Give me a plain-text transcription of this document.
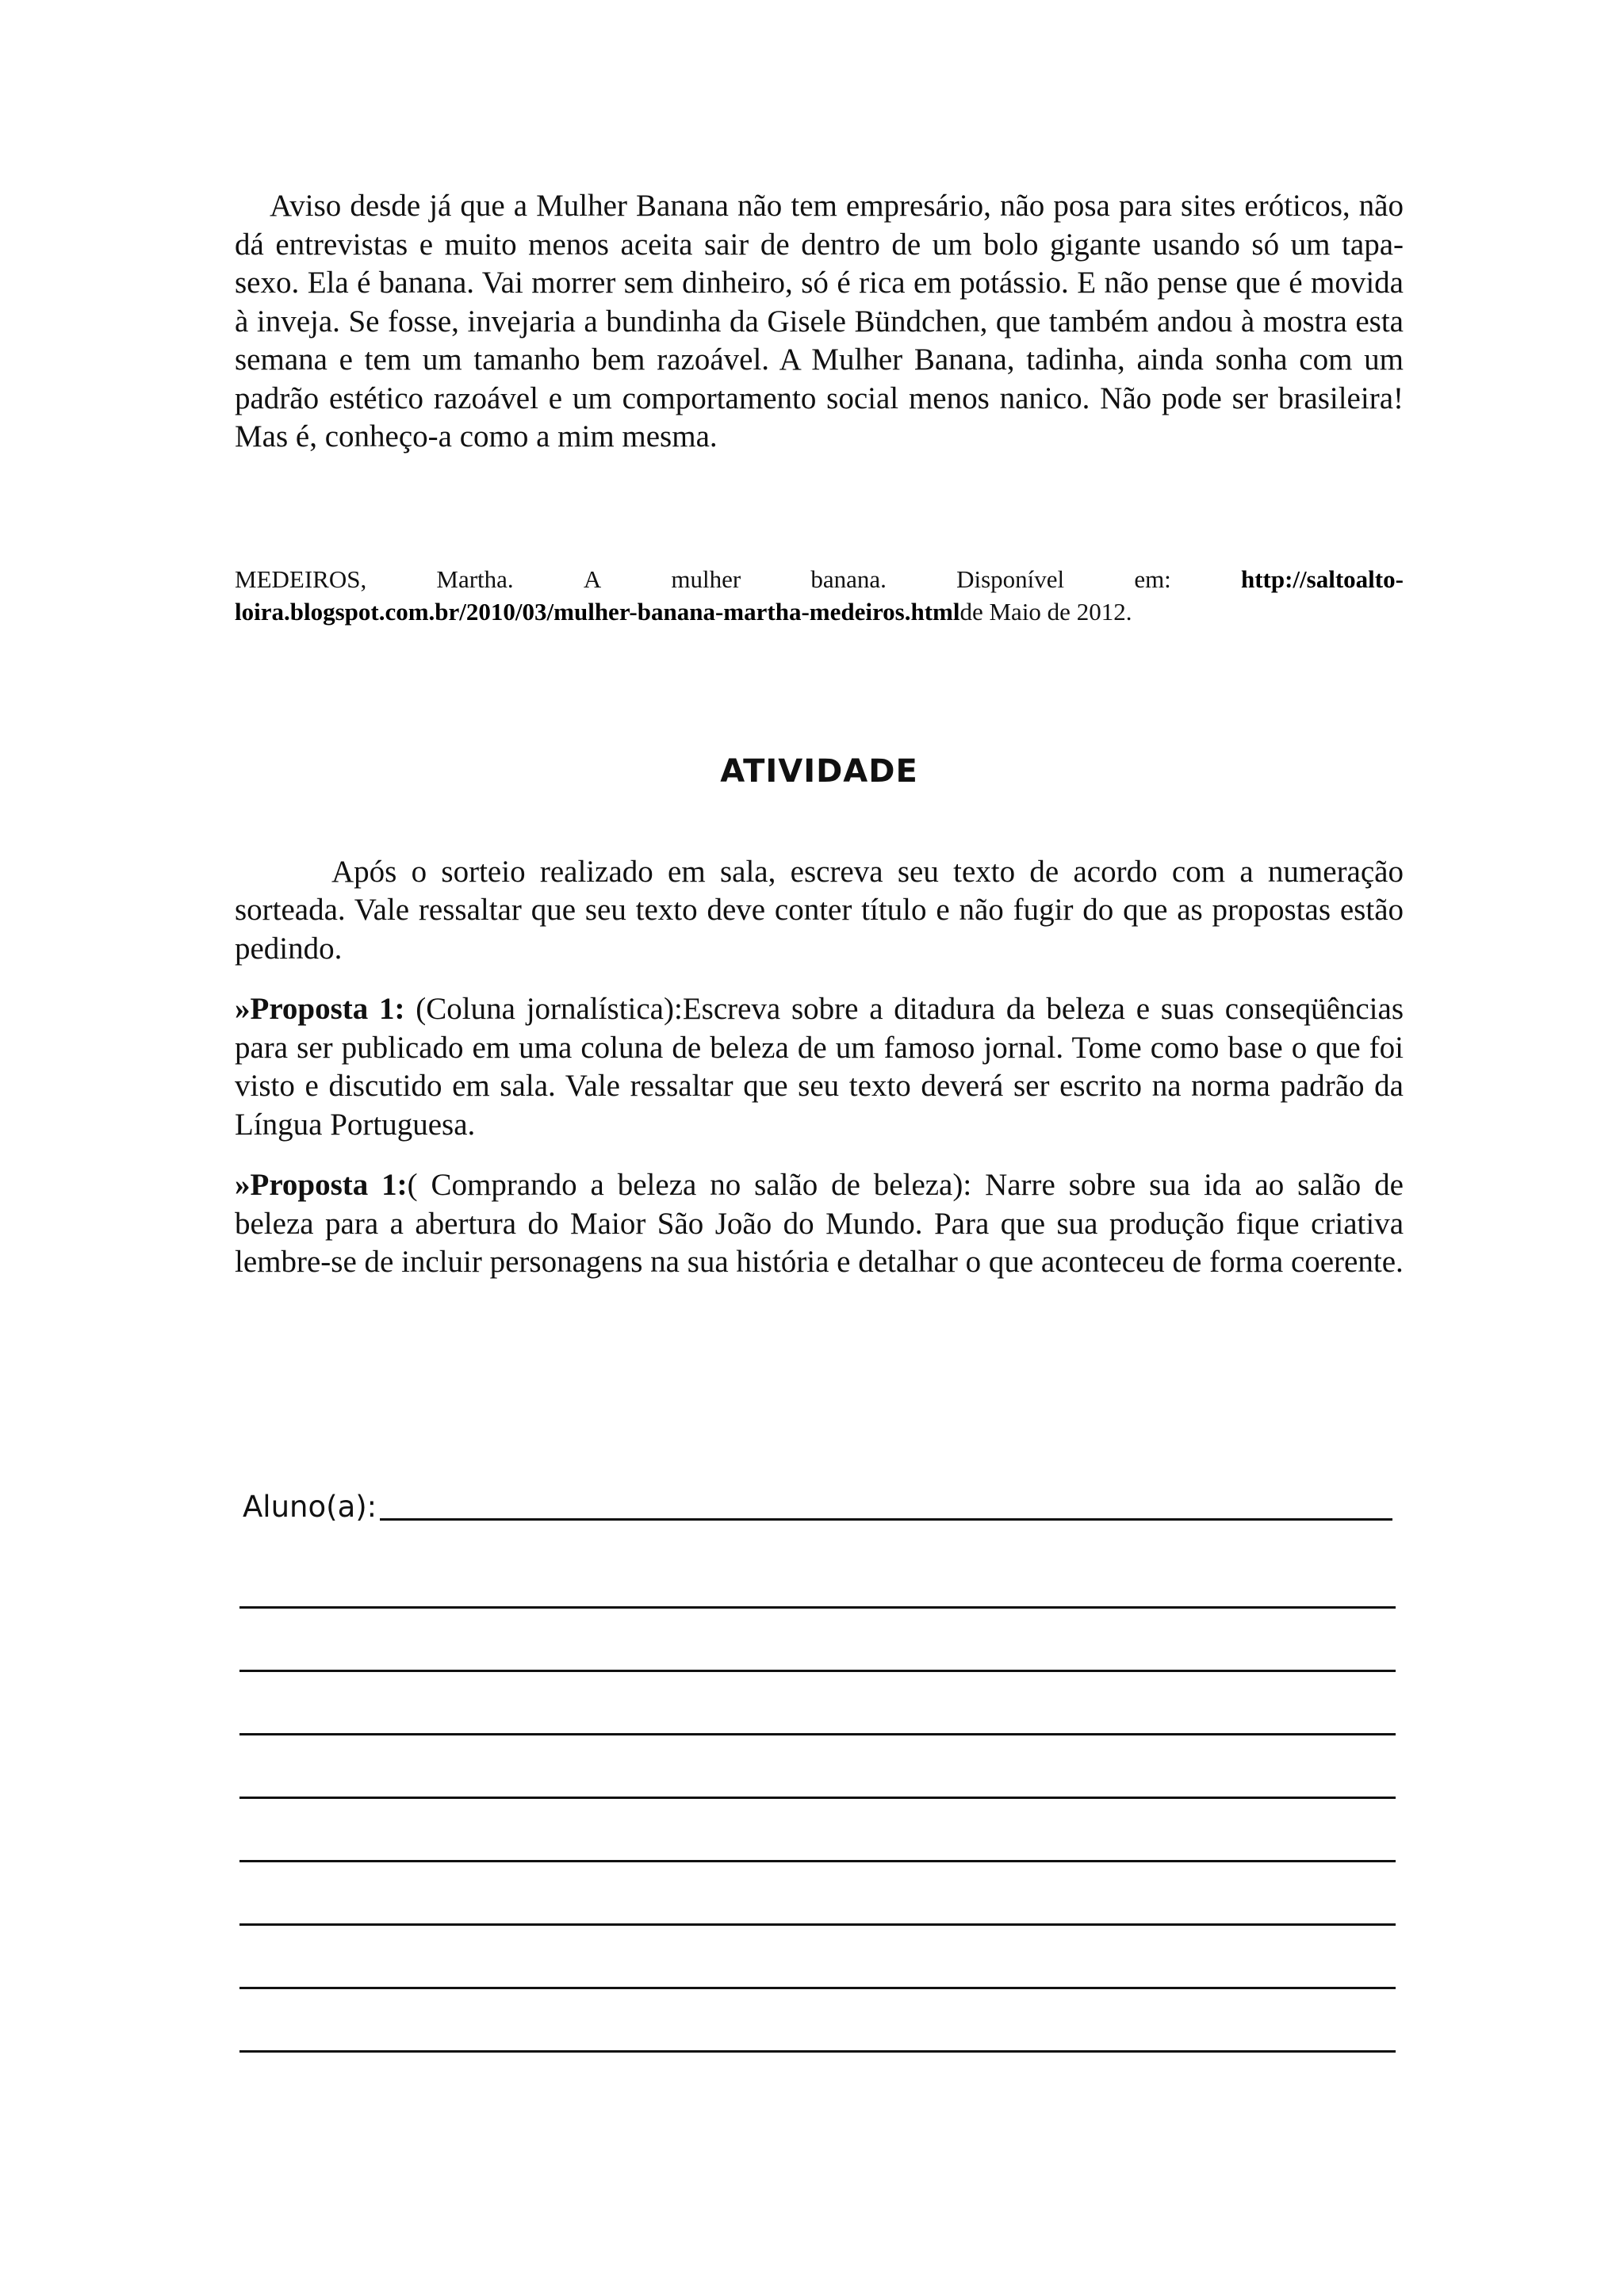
Aviso desde já que a Mulher Banana não tem empresário, não posa para sites eróticos, não dá entrevistas e muito menos aceita sair de dentro de um bolo gigante usando só um tapa-sexo. Ela é banana. Vai morrer sem dinheiro, só é rica em potássio. E não pense que é movida à inveja. Se fosse, invejaria a bundinha da Gisele Bündchen, que também andou à mostra esta semana e tem um tamanho bem razoável. A Mulher Banana, tadinha, ainda sonha com um padrão estético razoável e um comportamento social menos nanico. Não pode ser brasileira! Mas é, conheço-a como a mim mesma.

MEDEIROS,	Martha.	A	mulher	banana.	Disponível	em:	http://saltoalto-
loira.blogspot.com.br/2010/03/mulher-banana-martha-medeiros.htmlde Maio de 2012.
ATIVIDADE

Após o sorteio realizado em sala, escreva seu texto de acordo com a numeração sorteada. Vale ressaltar que seu texto deve conter título e não fugir do que as propostas estão pedindo.

»Proposta 1: (Coluna jornalística):Escreva sobre a ditadura da beleza e suas conseqüências para ser publicado em uma coluna de beleza de um famoso jornal. Tome como base o que foi visto e discutido em sala. Vale ressaltar que seu texto deverá ser escrito na norma padrão da Língua Portuguesa.

»Proposta 1:( Comprando a beleza no salão de beleza): Narre sobre sua ida ao salão de beleza para a abertura do Maior São João do Mundo. Para que sua produção fique criativa lembre-se de incluir personagens na sua história e detalhar o que aconteceu de forma coerente.

Aluno(a):
